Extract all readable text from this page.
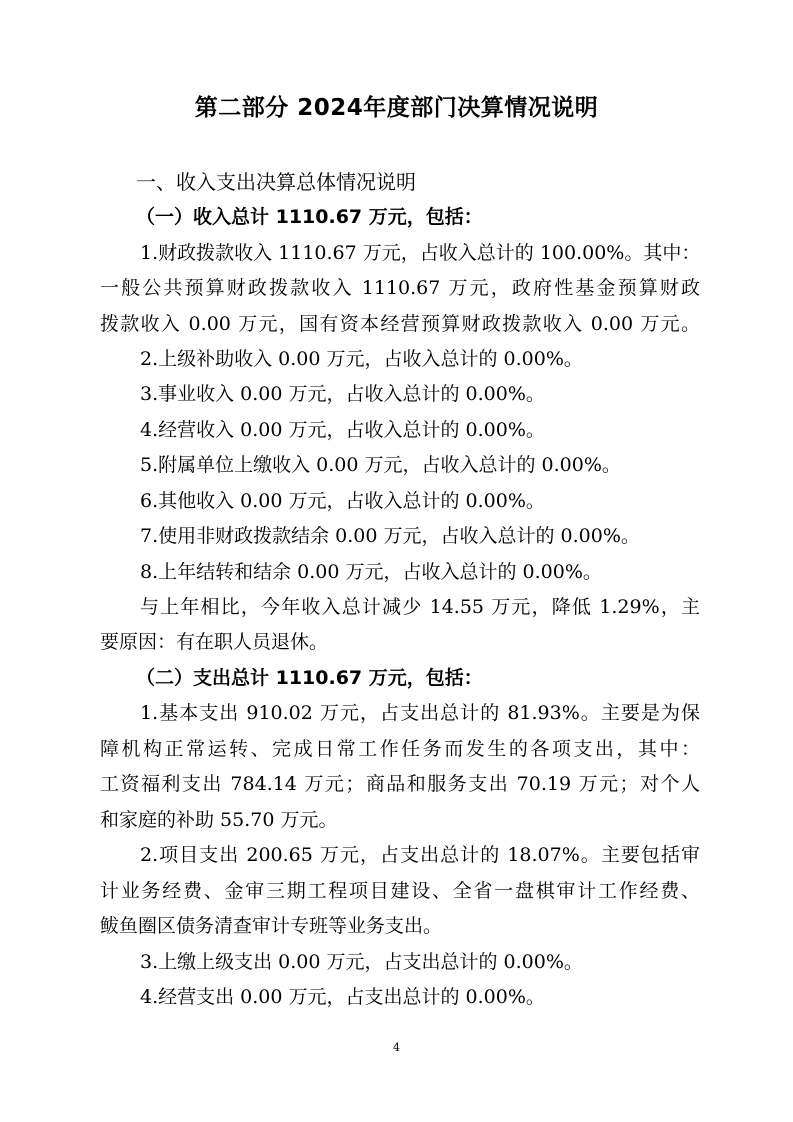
第二部分 2024年度部门决算情况说明
一、收入支出决算总体情况说明
（一）收入总计 1110.67 万元，包括：
1.财政拨款收入 1110.67 万元，占收入总计的 100.00%。其中：
一般公共预算财政拨款收入 1110.67 万元，政府性基金预算财政
拨款收入 0.00 万元，国有资本经营预算财政拨款收入 0.00 万元。
2.上级补助收入 0.00 万元，占收入总计的 0.00%。
3.事业收入 0.00 万元，占收入总计的 0.00%。
4.经营收入 0.00 万元，占收入总计的 0.00%。
5.附属单位上缴收入 0.00 万元，占收入总计的 0.00%。
6.其他收入 0.00 万元，占收入总计的 0.00%。
7.使用非财政拨款结余 0.00 万元，占收入总计的 0.00%。
8.上年结转和结余 0.00 万元，占收入总计的 0.00%。
与上年相比，今年收入总计减少 14.55 万元，降低 1.29%，主
要原因：有在职人员退休。
（二）支出总计 1110.67 万元，包括：
1.基本支出 910.02 万元，占支出总计的 81.93%。主要是为保
障机构正常运转、完成日常工作任务而发生的各项支出，其中：
工资福利支出 784.14 万元；商品和服务支出 70.19 万元；对个人
和家庭的补助 55.70 万元。
2.项目支出 200.65 万元，占支出总计的 18.07%。主要包括审
计业务经费、金审三期工程项目建设、全省一盘棋审计工作经费、
鲅鱼圈区债务清查审计专班等业务支出。
3.上缴上级支出 0.00 万元，占支出总计的 0.00%。
4.经营支出 0.00 万元，占支出总计的 0.00%。
4
